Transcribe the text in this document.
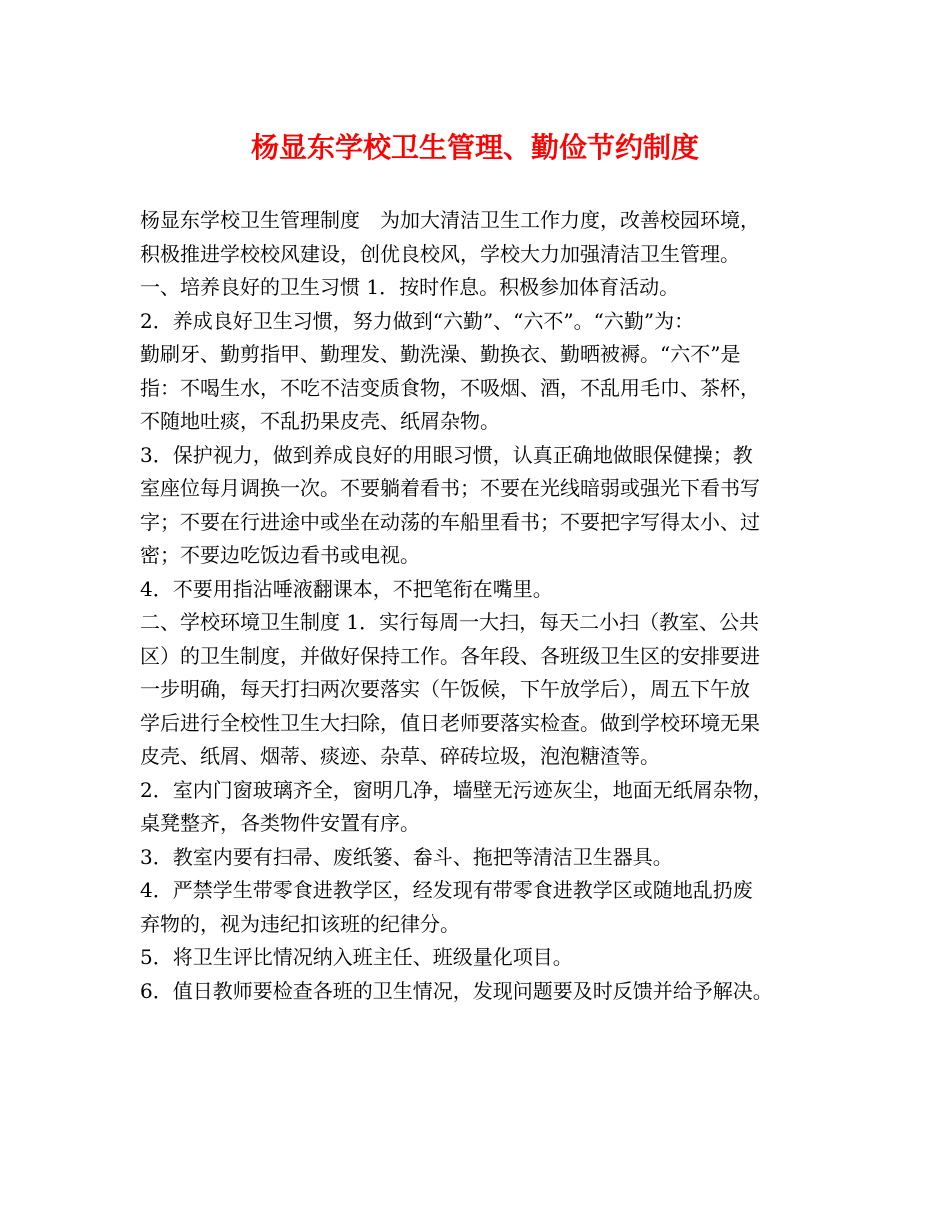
杨显东学校卫生管理、勤俭节约制度
杨显东学校卫生管理制度　为加大清洁卫生工作力度，改善校园环境，
积极推进学校校风建设，创优良校风，学校大力加强清洁卫生管理。
一、培养良好的卫生习惯 1．按时作息。积极参加体育活动。
2．养成良好卫生习惯，努力做到“六勤”、“六不”。“六勤”为：
勤刷牙、勤剪指甲、勤理发、勤洗澡、勤换衣、勤晒被褥。“六不”是
指：不喝生水，不吃不洁变质食物，不吸烟、酒，不乱用毛巾、茶杯，
不随地吐痰，不乱扔果皮壳、纸屑杂物。
3．保护视力，做到养成良好的用眼习惯，认真正确地做眼保健操；教
室座位每月调换一次。不要躺着看书；不要在光线暗弱或强光下看书写
字；不要在行进途中或坐在动荡的车船里看书；不要把字写得太小、过
密；不要边吃饭边看书或电视。
4．不要用指沾唾液翻课本，不把笔衔在嘴里。
二、学校环境卫生制度 1．实行每周一大扫，每天二小扫（教室、公共
区）的卫生制度，并做好保持工作。各年段、各班级卫生区的安排要进
一步明确，每天打扫两次要落实（午饭候，下午放学后），周五下午放
学后进行全校性卫生大扫除，值日老师要落实检查。做到学校环境无果
皮壳、纸屑、烟蒂、痰迹、杂草、碎砖垃圾，泡泡糖渣等。
2．室内门窗玻璃齐全，窗明几净，墙壁无污迹灰尘，地面无纸屑杂物，
桌凳整齐，各类物件安置有序。
3．教室内要有扫帚、废纸篓、畚斗、拖把等清洁卫生器具。
4．严禁学生带零食进教学区，经发现有带零食进教学区或随地乱扔废
弃物的，视为违纪扣该班的纪律分。
5．将卫生评比情况纳入班主任、班级量化项目。
6．值日教师要检查各班的卫生情况，发现问题要及时反馈并给予解决。
